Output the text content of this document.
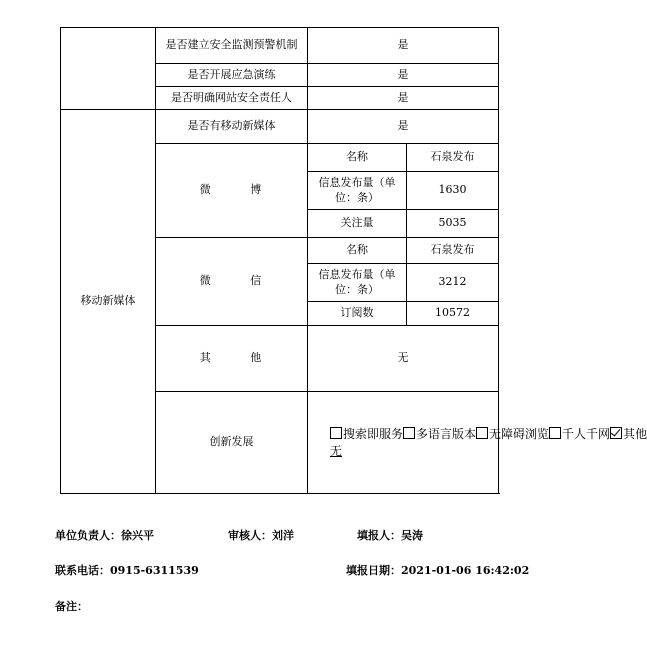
	是否建立安全监测预警机制	是	
	是否开展应急演练	是	
	是否明确网站安全责任人	是	
移动新媒体	是否有移动新媒体	是	
	微 博	名称	石泉发布
		信息发布量（单位：条）	1630
		关注量	5035
	微 信	名称	石泉发布
		信息发布量（单位：条）	3212
		订阅数	10572
	其 他	无	
	创新发展	搜索即服务 多语言版本 无障碍浏览 千人千网 其他
无	
单位负责人：徐兴平	审核人：刘洋	填报人：吴涛
联系电话：0915-6311539	填报日期：2021-01-06 16:42:02
备注：
